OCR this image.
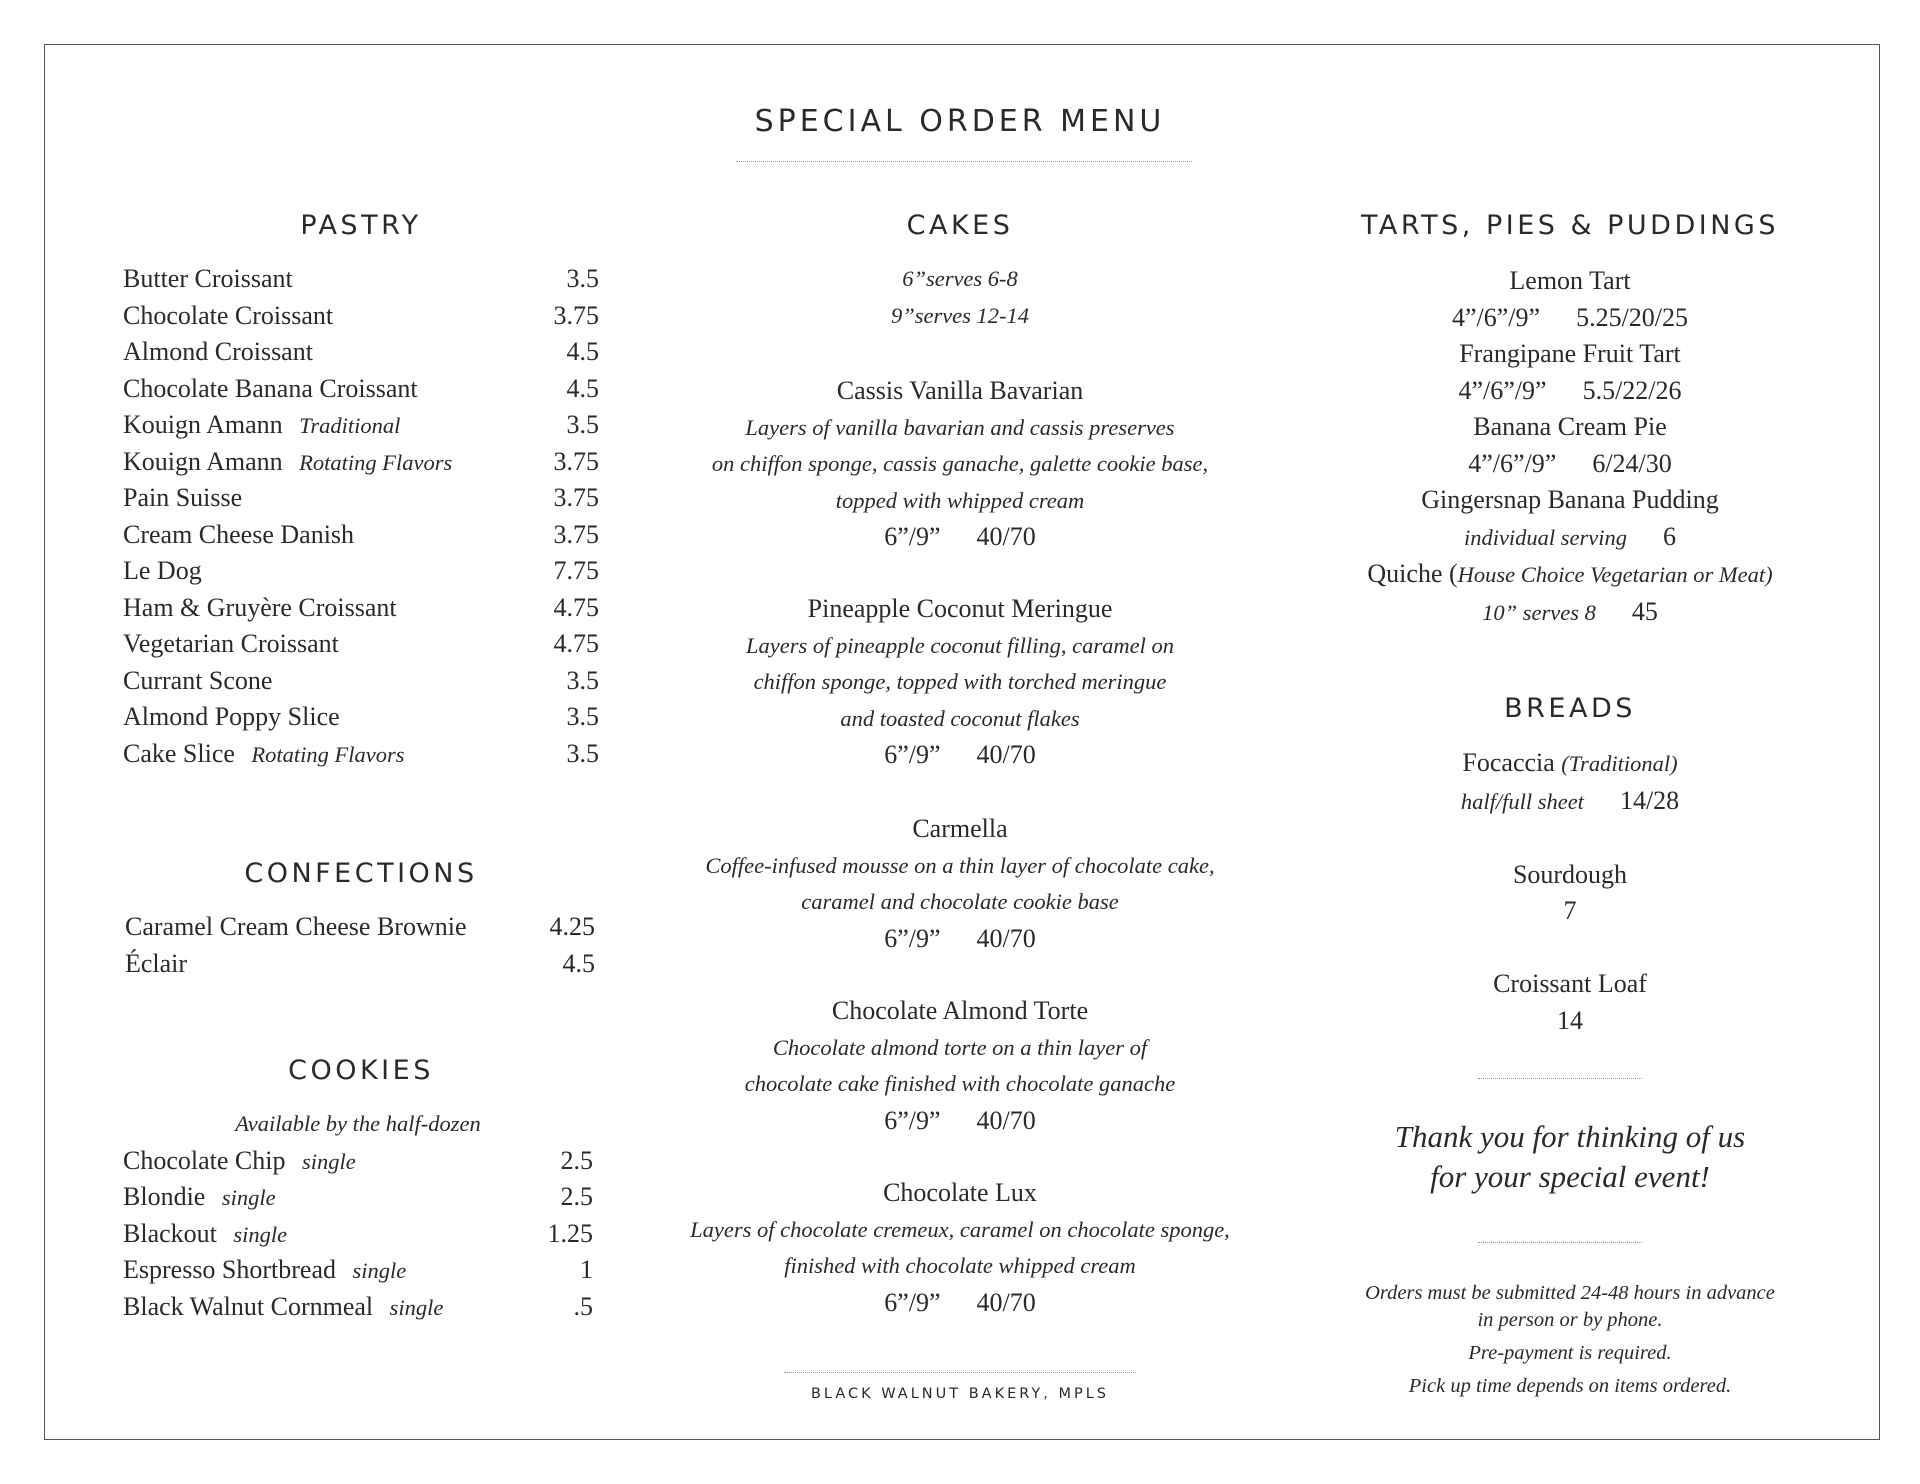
SPECIAL ORDER MENU
PASTRY
Butter Croissant	3.5
Chocolate Croissant	3.75
Almond Croissant	4.5
Chocolate Banana Croissant	4.5
Kouign Amann Traditional	3.5
Kouign Amann Rotating Flavors	3.75
Pain Suisse	3.75
Cream Cheese Danish	3.75
Le Dog	7.75
Ham & Gruyère Croissant	4.75
Vegetarian Croissant	4.75
Currant Scone	3.5
Almond Poppy Slice	3.5
Cake Slice Rotating Flavors	3.5
CONFECTIONS
Caramel Cream Cheese Brownie	4.25
Éclair	4.5
COOKIES
Available by the half-dozen
Chocolate Chip single	2.5
Blondie single	2.5
Blackout single	1.25
Espresso Shortbread single	1
Black Walnut Cornmeal single	.5
CAKES
6”serves 6-8
9”serves 12-14
Cassis Vanilla Bavarian
Layers of vanilla bavarian and cassis preserves
on chiffon sponge, cassis ganache, galette cookie base,
topped with whipped cream
6”/9” 40/70
Pineapple Coconut Meringue
Layers of pineapple coconut filling, caramel on
chiffon sponge, topped with torched meringue
and toasted coconut flakes
6”/9” 40/70
Carmella
Coffee-infused mousse on a thin layer of chocolate cake,
caramel and chocolate cookie base
6”/9” 40/70
Chocolate Almond Torte
Chocolate almond torte on a thin layer of
chocolate cake finished with chocolate ganache
6”/9” 40/70
Chocolate Lux
Layers of chocolate cremeux, caramel on chocolate sponge,
finished with chocolate whipped cream
6”/9” 40/70
BLACK WALNUT BAKERY, MPLS
TARTS, PIES & PUDDINGS
Lemon Tart
4”/6”/9” 5.25/20/25
Frangipane Fruit Tart
4”/6”/9” 5.5/22/26
Banana Cream Pie
4”/6”/9” 6/24/30
Gingersnap Banana Pudding
individual serving 6
Quiche (House Choice Vegetarian or Meat)
10” serves 8 45
BREADS
Focaccia (Traditional)
half/full sheet 14/28
Sourdough
7
Croissant Loaf
14
Thank you for thinking of us
for your special event!
Orders must be submitted 24-48 hours in advance
in person or by phone.
Pre-payment is required.
Pick up time depends on items ordered.
